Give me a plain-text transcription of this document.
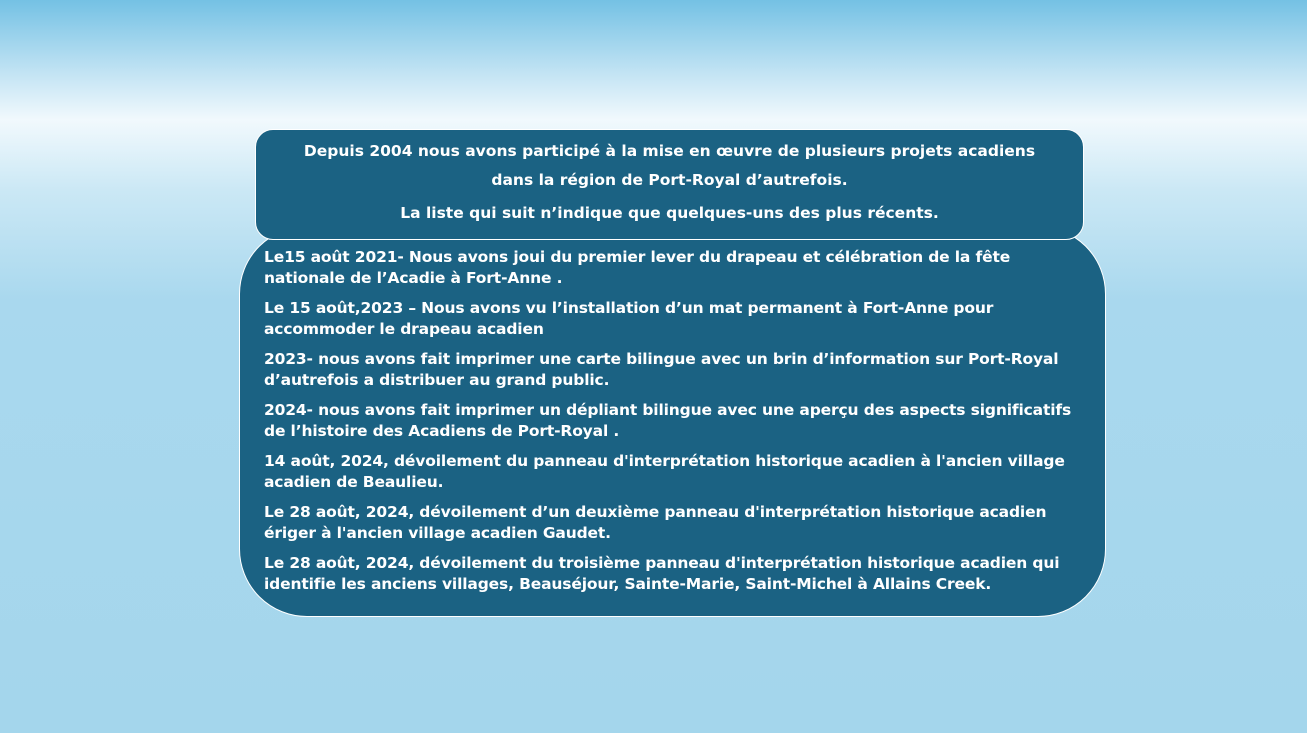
Depuis 2004 nous avons participé à la mise en œuvre de plusieurs projets acadiens
dans la région de Port-Royal d’autrefois.
La liste qui suit n’indique que quelques-uns des plus récents.
Le15 août 2021- Nous avons joui du premier lever du drapeau et célébration de la fête nationale de l’Acadie à Fort-Anne .
Le 15 août,2023 – Nous avons vu l’installation d’un mat permanent à Fort-Anne pour accommoder le drapeau acadien
2023- nous avons fait imprimer une carte bilingue avec un brin d’information sur Port-Royal d’autrefois a distribuer au grand public.
2024- nous avons fait imprimer un dépliant bilingue avec une aperçu des aspects significatifs de l’histoire des Acadiens de Port-Royal .
14 août, 2024, dévoilement du panneau d'interprétation historique acadien à l'ancien village acadien de Beaulieu.
Le 28 août, 2024, dévoilement d’un deuxième panneau d'interprétation historique acadien ériger à l'ancien village acadien Gaudet.
Le 28 août, 2024, dévoilement du troisième panneau d'interprétation historique acadien qui identifie les anciens villages, Beauséjour, Sainte-Marie, Saint-Michel à Allains Creek.
